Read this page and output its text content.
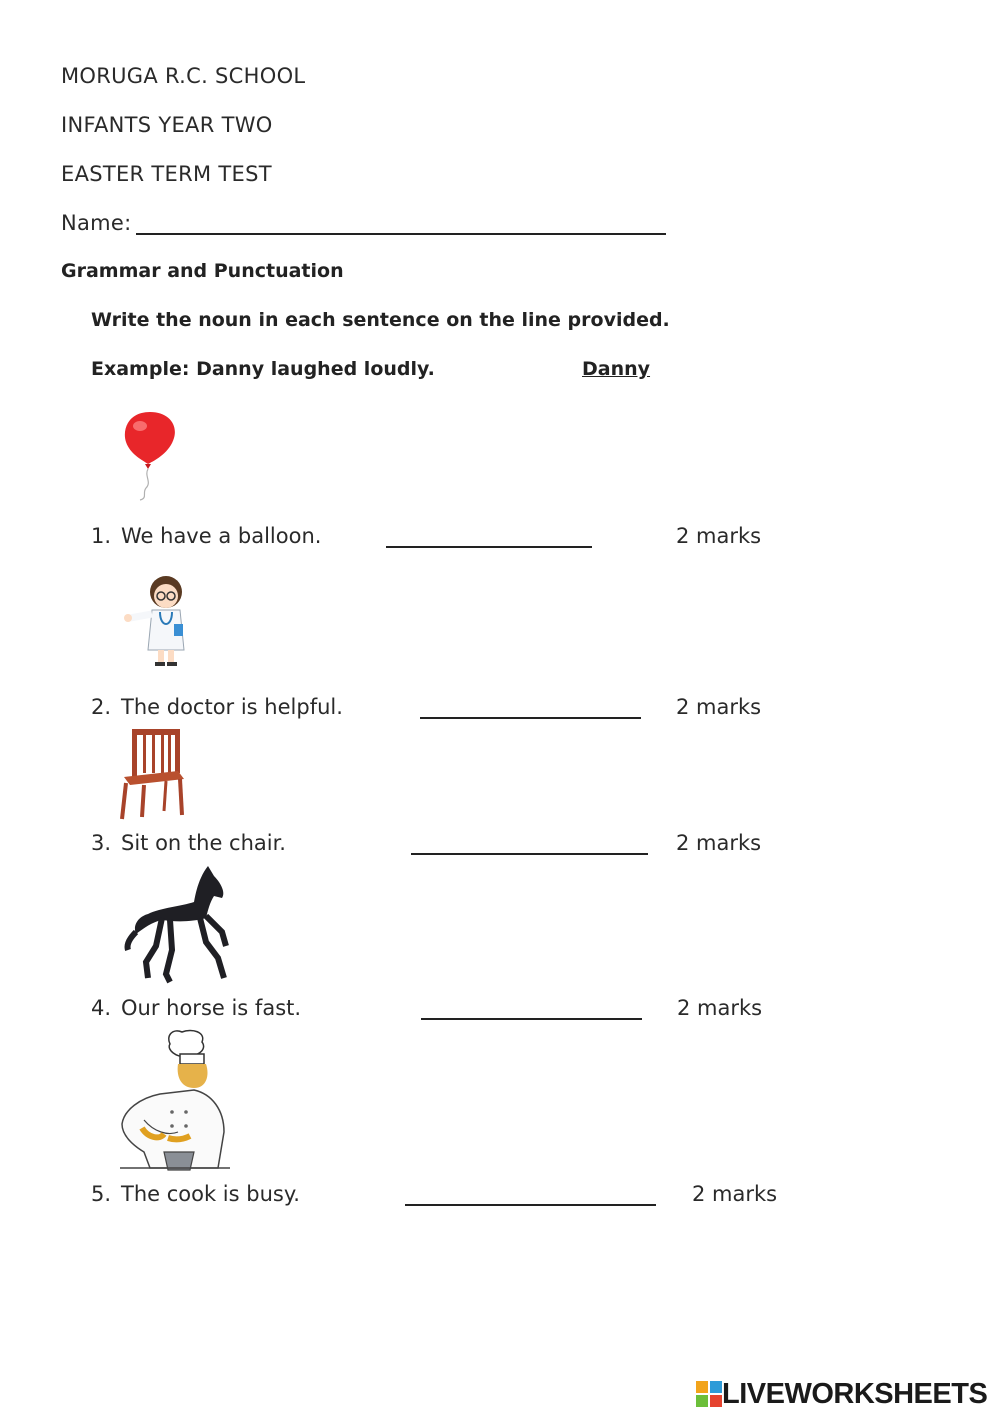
MORUGA R.C. SCHOOL
INFANTS YEAR TWO
EASTER TERM TEST
Name:
Grammar and Punctuation
Write the noun in each sentence on the line provided.
Example: Danny laughed loudly.	Danny
1. We have a balloon.	2 marks
2. The doctor is helpful.	2 marks
3. Sit on the chair.	2 marks
4. Our horse is fast.	2 marks
5. The cook is busy.	2 marks
LIVEWORKSHEETS
